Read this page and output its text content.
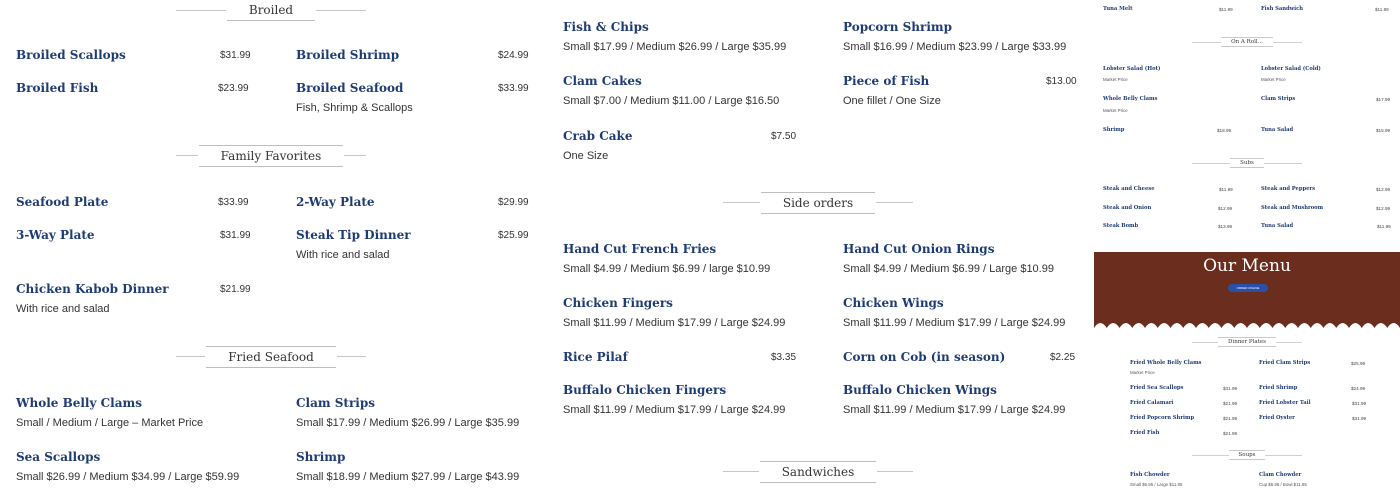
Broiled
Broiled Scallops	$31.99	Broiled Shrimp	$24.99
Broiled Fish	$23.99	Broiled Seafood	$33.99
Fish, Shrimp & Scallops
Family Favorites
Seafood Plate	$33.99	2-Way Plate	$29.99
3-Way Plate	$31.99	Steak Tip Dinner	$25.99
With rice and salad
Chicken Kabob Dinner	$21.99
With rice and salad
Fried Seafood
Whole Belly Clams
Small / Medium / Large – Market Price
Clam Strips
Small $17.99 / Medium $26.99 / Large $35.99
Sea Scallops
Small $26.99 / Medium $34.99 / Large $59.99
Shrimp
Small $18.99 / Medium $27.99 / Large $43.99
Fish & Chips
Small $17.99 / Medium $26.99 / Large $35.99
Popcorn Shrimp
Small $16.99 / Medium $23.99 / Large $33.99
Clam Cakes
Small $7.00 / Medium $11.00 / Large $16.50
Piece of Fish	$13.00
One fillet / One Size
Crab Cake	$7.50
One Size
Side orders
Hand Cut French Fries
Small $4.99 / Medium $6.99 / large $10.99
Hand Cut Onion Rings
Small $4.99 / Medium $6.99 / Large $10.99
Chicken Fingers
Small $11.99 / Medium $17.99 / Large $24.99
Chicken Wings
Small $11.99 / Medium $17.99 / Large $24.99
Rice Pilaf	$3.35	Corn on Cob (in season)	$2.25
Buffalo Chicken Fingers
Small $11.99 / Medium $17.99 / Large $24.99
Buffalo Chicken Wings
Small $11.99 / Medium $17.99 / Large $24.99
Sandwiches
Tuna Melt	$11.99	Fish Sandwich	$11.99
On A Roll...
Lobster Salad (Hot)
Market Price
Lobster Salad (Cold)
Market Price
Whole Belly Clams
Market Price
Clam Strips	$17.99
Shrimp	$18.99	Tuna Salad	$15.99
Subs
Steak and Cheese	$11.99	Steak and Peppers	$12.99
Steak and Onion	$12.99	Steak and Mushroom	$12.99
Steak Bomb	$13.99	Tuna Salad	$11.99
Our Menu
ORDER ONLINE
Dinner Plates
Fried Whole Belly Clams
Market Price
Fried Clam Strips	$25.99
Fried Sea Scallops	$31.99	Fried Shrimp	$24.99
Fried Calamari	$21.99	Fried Lobster Tail	$31.99
Fried Popcorn Shrimp	$21.99	Fried Oyster	$31.99
Fried Fish	$21.99
Soups
Fish Chowder
Small $6.95 / Large $11.95
Clam Chowder
Cup $6.95 / Bowl $11.95
